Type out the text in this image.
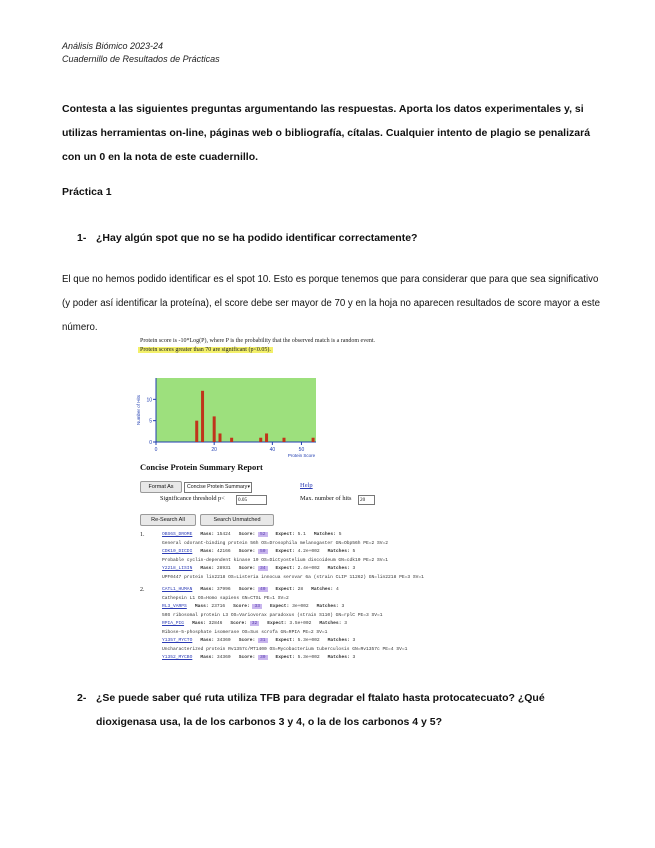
Análisis Biómico 2023-24
Cuadernillo de Resultados de Prácticas
Contesta a las siguientes preguntas argumentando las respuestas. Aporta los datos experimentales y, si utilizas herramientas on-line, páginas web o bibliografía, cítalas. Cualquier intento de plagio se penalizará con un 0 en la nota de este cuadernillo.
Práctica 1
1- ¿Hay algún spot que no se ha podido identificar correctamente?
El que no hemos podido identificar es el spot 10. Esto es porque tenemos que para considerar que para que sea significativo (y poder así identificar la proteína), el score debe ser mayor de 70 y en la hoja no aparecen resultados de score mayor a este número.
Protein score is -10*Log(P), where P is the probability that the observed match is a random event.
Protein scores greater than 70 are significant (p<0.05).
0	20	40	50
0
5
10
Protein Score
Number of Hits
Concise Protein Summary Report
Format As	Concise Protein Summary ▾	Help
Significance threshold p<	0.05	Max. number of hits	20
Re-Search All	Search Unmatched
1.	OBS6S_DROME Mass: 15424 Score: 52 Expect: 5.1 Matches: 5
General odorant-binding protein 56h OS=Drosophila melanogaster GN=Obp56h PE=2 SV=2
CDK10_DICDI Mass: 42166 Score: 50 Expect: 4.2e+002 Matches: 5
Probable cyclin-dependent kinase 10 OS=Dictyostelium discoideum GN=cdk10 PE=2 SV=1
Y2218_LISIN Mass: 28931 Score: 34 Expect: 2.4e+002 Matches: 3
UPF0447 protein lin2218 OS=Listeria innocua serovar 6a (strain CLIP 11262) GN=lin2218 PE=3 SV=1
2.	CATL1_HUMAN Mass: 37996 Score: 40 Expect: 28 Matches: 4
Cathepsin L1 OS=Homo sapiens GN=CTSL PE=1 SV=2
RL3_VARPS Mass: 23716 Score: 33 Expect: 3e+002 Matches: 3
50S ribosomal protein L3 OS=Variovorax paradoxus (strain S110) GN=rplC PE=3 SV=1
RPIA_PIG Mass: 32846 Score: 32 Expect: 3.5e+002 Matches: 3
Ribose-5-phosphate isomerase OS=Sus scrofa GN=RPIA PE=2 SV=1
Y1357_MYCTO Mass: 34360 Score: 31 Expect: 5.3e+002 Matches: 3
Uncharacterized protein Rv1357c/MT1400 OS=Mycobacterium tuberculosis GN=Rv1357c PE=4 SV=1
Y1352_MYCBO Mass: 34360 Score: 30 Expect: 5.3e+002 Matches: 3
2- ¿Se puede saber qué ruta utiliza TFB para degradar el ftalato hasta protocatecuato? ¿Qué dioxigenasa usa, la de los carbonos 3 y 4, o la de los carbonos 4 y 5?
